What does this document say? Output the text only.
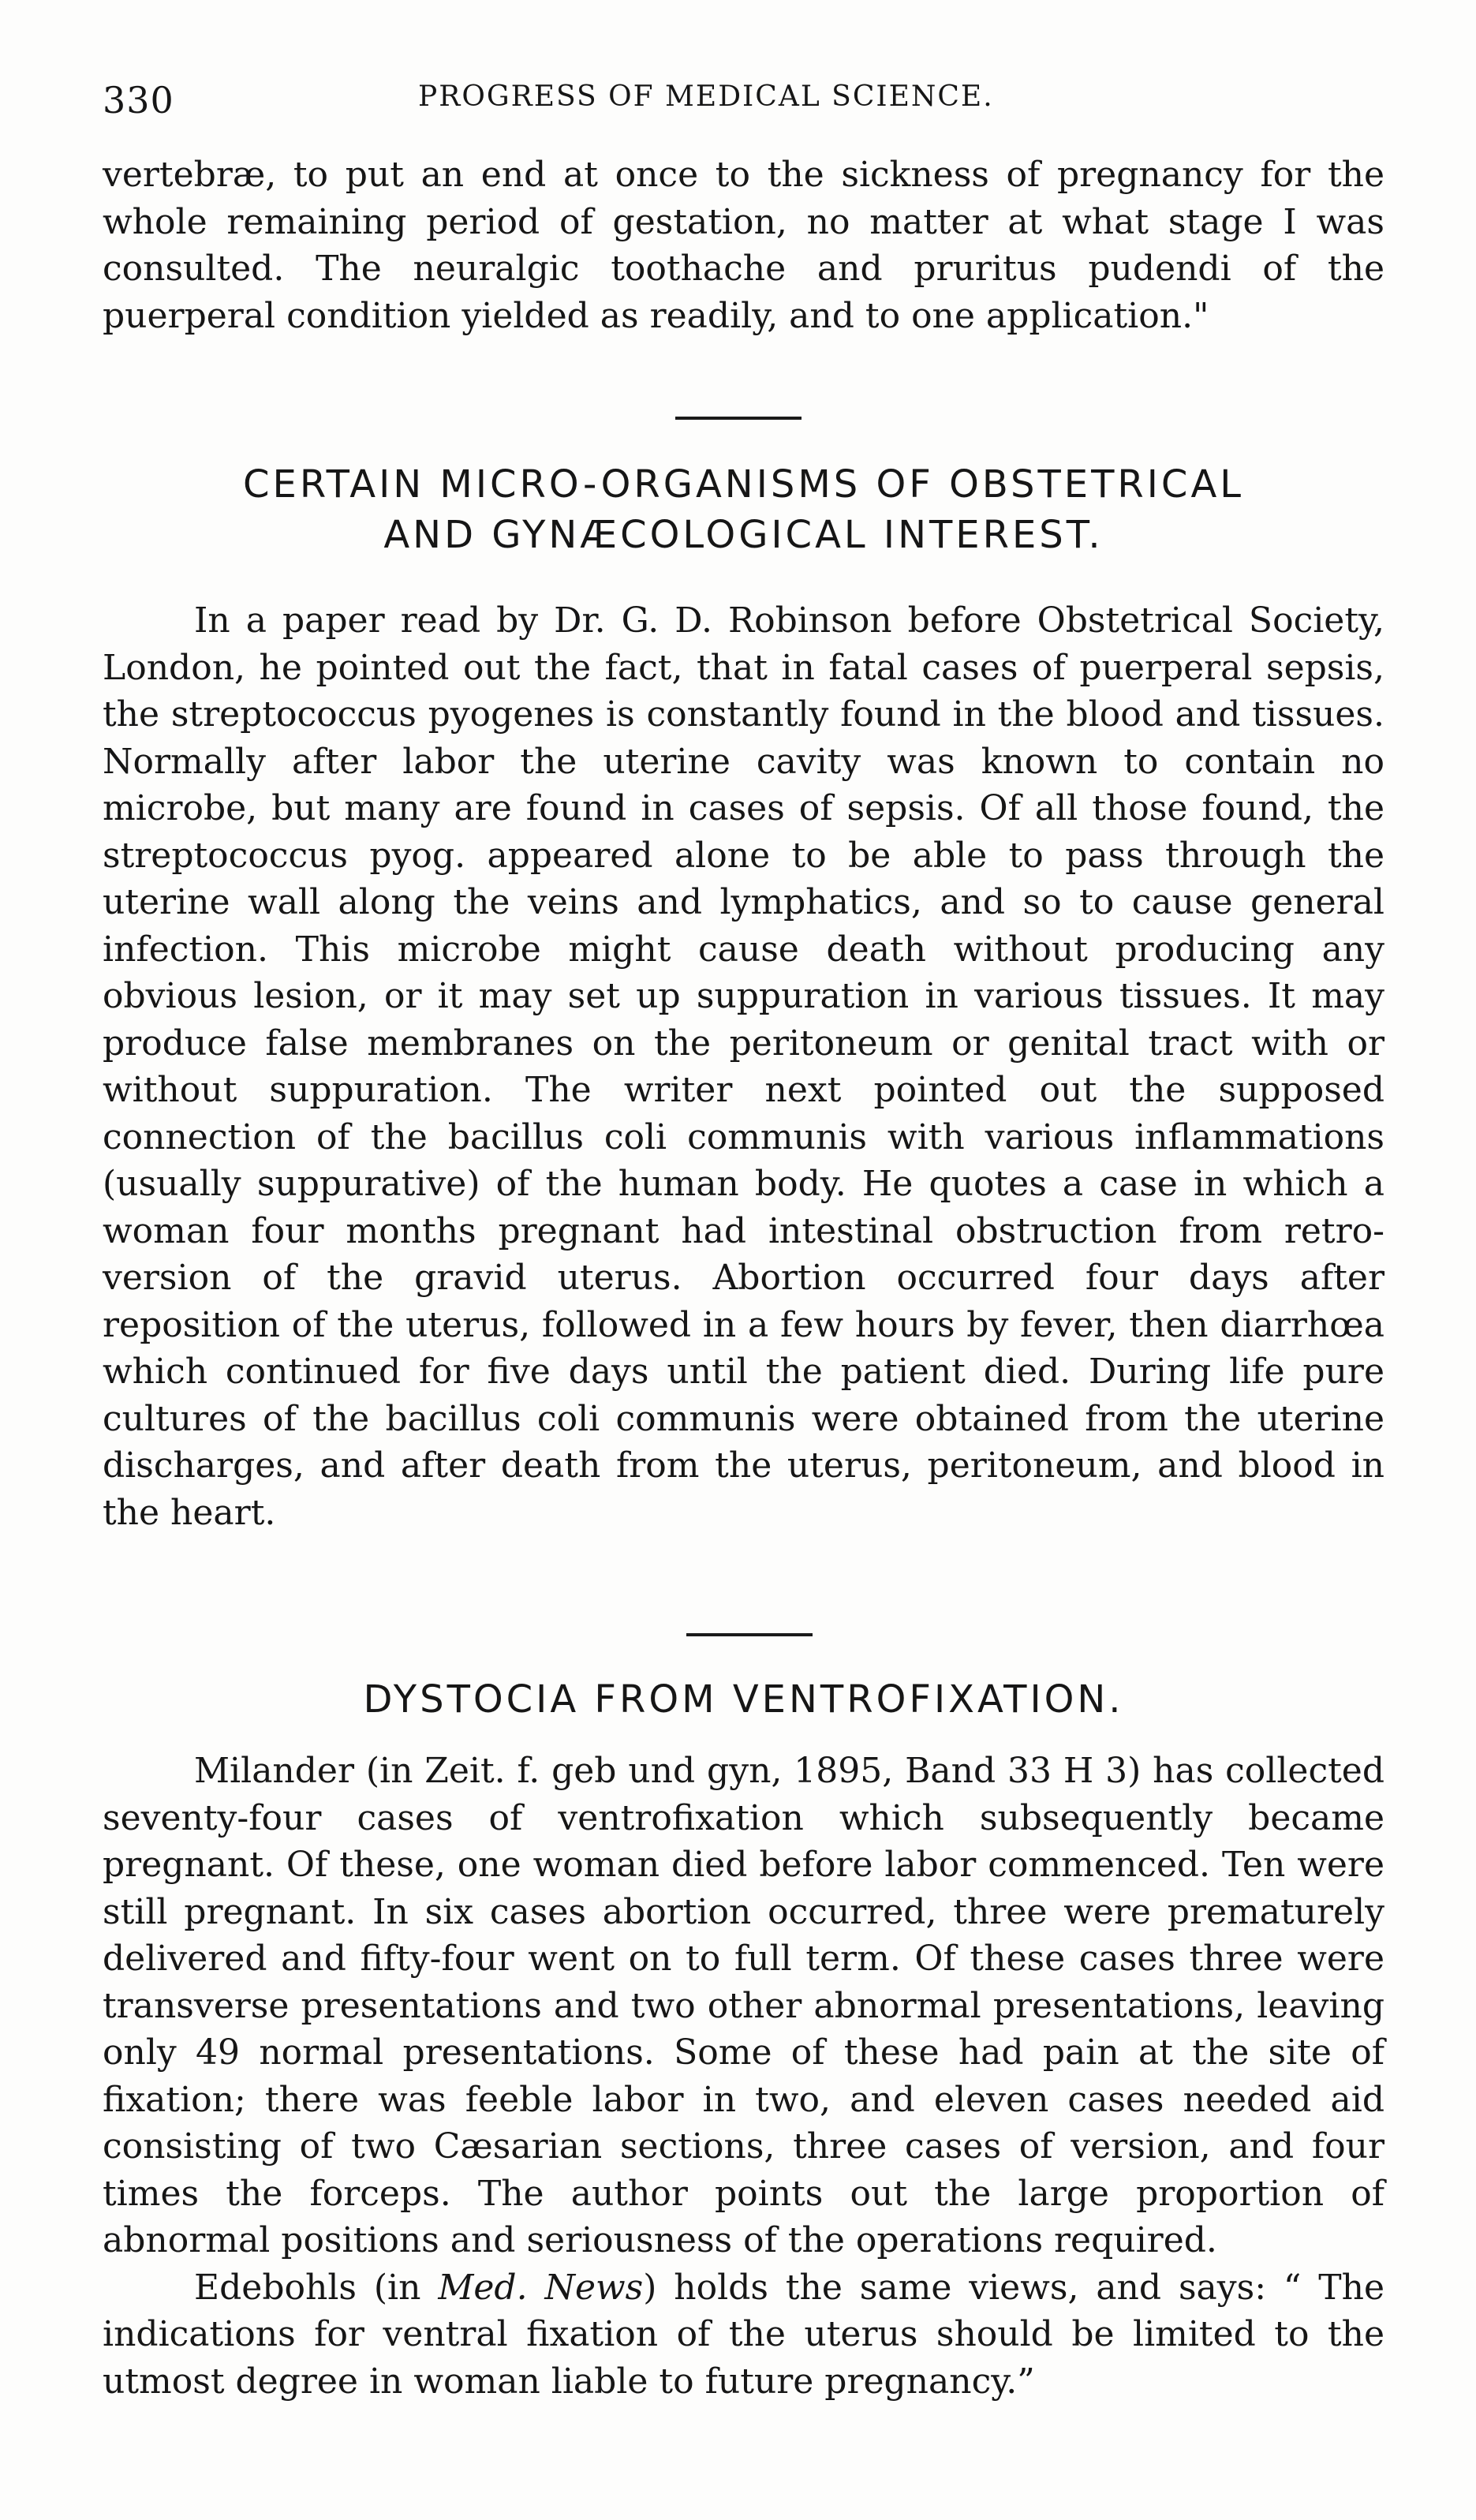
330	PROGRESS OF MEDICAL SCIENCE.

vertebræ, to put an end at once to the sickness of pregnancy for the whole remaining period of gestation, no matter at what stage I was consulted. The neuralgic toothache and pruritus pudendi of the puerperal condition yielded as readily, and to one application."

CERTAIN MICRO-ORGANISMS OF OBSTETRICAL
AND GYNÆCOLOGICAL INTEREST.

In a paper read by Dr. G. D. Robinson before Obstetrical Society, London, he pointed out the fact, that in fatal cases of puerperal sepsis, the streptococcus pyogenes is constantly found in the blood and tissues. Normally after labor the uterine cavity was known to contain no microbe, but many are found in cases of sepsis. Of all those found, the streptococcus pyog. appeared alone to be able to pass through the uterine wall along the veins and lymphatics, and so to cause general infection. This microbe might cause death without producing any obvious lesion, or it may set up suppuration in various tissues. It may produce false membranes on the peritoneum or genital tract with or without suppuration. The writer next pointed out the supposed connection of the bacillus coli communis with various inflammations (usually suppurative) of the human body. He quotes a case in which a woman four months pregnant had intestinal obstruction from retroversion of the gravid uterus. Abortion occurred four days after reposition of the uterus, followed in a few hours by fever, then diarrhœa which continued for five days until the patient died. During life pure cultures of the bacillus coli communis were obtained from the uterine discharges, and after death from the uterus, peritoneum, and blood in the heart.

DYSTOCIA FROM VENTROFIXATION.

Milander (in Zeit. f. geb und gyn, 1895, Band 33 H 3) has collected seventy-four cases of ventrofixation which subsequently became pregnant. Of these, one woman died before labor commenced. Ten were still pregnant. In six cases abortion occurred, three were prematurely delivered and fifty-four went on to full term. Of these cases three were transverse presentations and two other abnormal presentations, leaving only 49 normal presentations. Some of these had pain at the site of fixation; there was feeble labor in two, and eleven cases needed aid consisting of two Cæsarian sections, three cases of version, and four times the forceps. The author points out the large proportion of abnormal positions and seriousness of the operations required.

Edebohls (in Med. News) holds the same views, and says: “ The indications for ventral fixation of the uterus should be limited to the utmost degree in woman liable to future pregnancy.”
